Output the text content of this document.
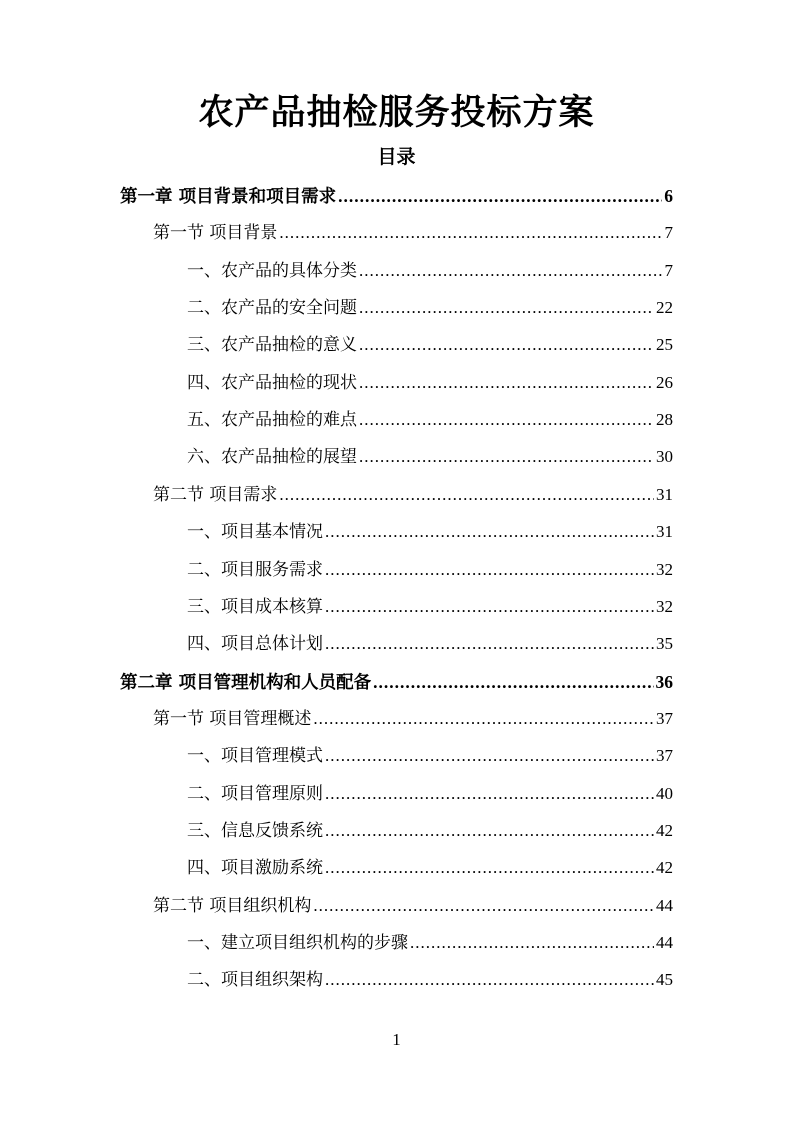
农产品抽检服务投标方案
目录
第一章 项目背景和项目需求 .....	6
第一节 项目背景 .....	7
一、农产品的具体分类 .....	7
二、农产品的安全问题 .....	22
三、农产品抽检的意义 .....	25
四、农产品抽检的现状 .....	26
五、农产品抽检的难点 .....	28
六、农产品抽检的展望 .....	30
第二节 项目需求 .....	31
一、项目基本情况 .....	31
二、项目服务需求 .....	32
三、项目成本核算 .....	32
四、项目总体计划 .....	35
第二章 项目管理机构和人员配备 .....	36
第一节 项目管理概述 .....	37
一、项目管理模式 .....	37
二、项目管理原则 .....	40
三、信息反馈系统 .....	42
四、项目激励系统 .....	42
第二节 项目组织机构 .....	44
一、建立项目组织机构的步骤 .....	44
二、项目组织架构 .....	45
1
